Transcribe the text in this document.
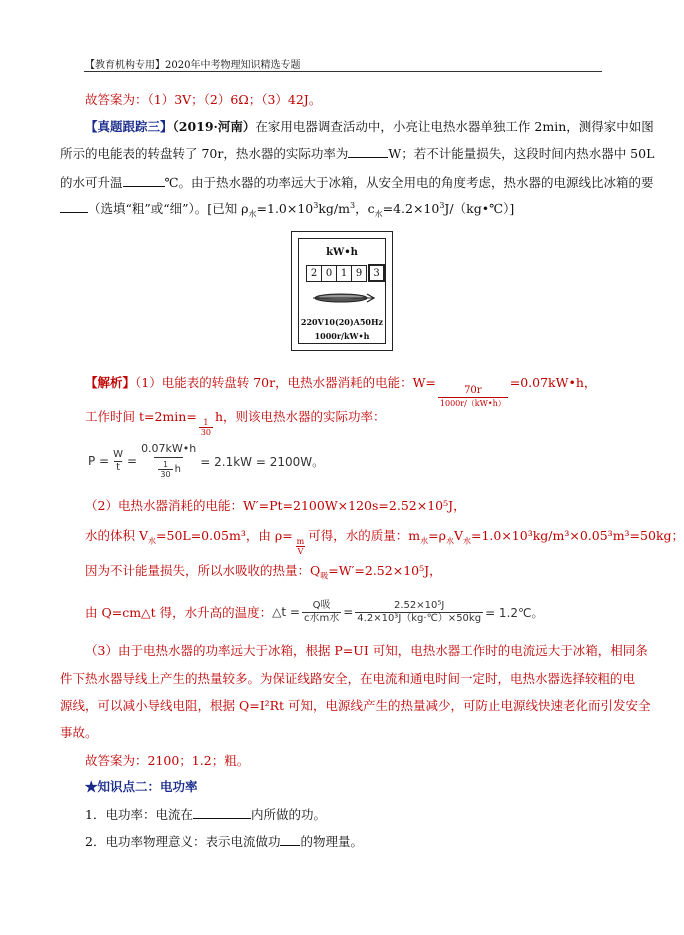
【教育机构专用】2020年中考物理知识精选专题
故答案为：（1）3V；（2）6Ω；（3）42J。
【真题跟踪三】（2019·河南）在家用电器调查活动中，小亮让电热水器单独工作 2min，测得家中如图
所示的电能表的转盘转了 70r，热水器的实际功率为	W；若不计能量损失，这段时间内热水器中 50L
的水可升温	℃。由于热水器的功率远大于冰箱，从安全用电的角度考虑，热水器的电源线比冰箱的要
（选填“粗”或“细”）。[已知 $\rho_水=1.0\times 10^3kg/m^3$，$c_水=4.2\times 10^3J/(kg•℃)$]
kW•h
2 0 1 9	3
220V10(20)A50Hz
1000r/kW•h
【解析】（1）电能表的转盘转 70r，电热水器消耗的电能：W=
$\frac{70r}{1000r/(kW•h)}$
=0.07kW•h，
工作时间 t=2min=
$\frac{1}{30}$
h，则该电热水器的实际功率：
$P = \frac{W}{t} = \frac{0.07kW•h}{\frac{1}{30} h} = 2.1kW = 2100W$。
（2）电热水器消耗的电能：W′=Pt=2100W×120s=2.52×10⁵J，
水的体积 $V_水=50L=0.05m^3$，由 ρ=
$\frac{m}{V}$
可得，水的质量：$m_水=\rho_水V_水=1.0\times 10^3kg/m^3\times 0.05^3m^3=50kg$；
因为不计能量损失，所以水吸收的热量：$Q_吸=W'=2.52\times 10^5J$，
由 Q=cm△t 得，水升高的温度： △t = $\frac{\text{Q吸}}{\text{c水m水}} = \frac{\text{2.52×10⁵J}}{\text{4.2×10³J（kg·℃）×50kg}}$ = 1.2℃。
（3）由于电热水器的功率远大于冰箱，根据 P=UI 可知，电热水器工作时的电流远大于冰箱，相同条
件下热水器导线上产生的热量较多。为保证线路安全，在电流和通电时间一定时，电热水器选择较粗的电
源线，可以减小导线电阻，根据 Q=I²Rt 可知，电源线产生的热量减少，可防止电源线快速老化而引发安全
事故。
故答案为：2100；1.2；粗。
★知识点二：电功率
1．电功率：电流在	内所做的功。
2．电功率物理意义：表示电流做功 的物理量。
